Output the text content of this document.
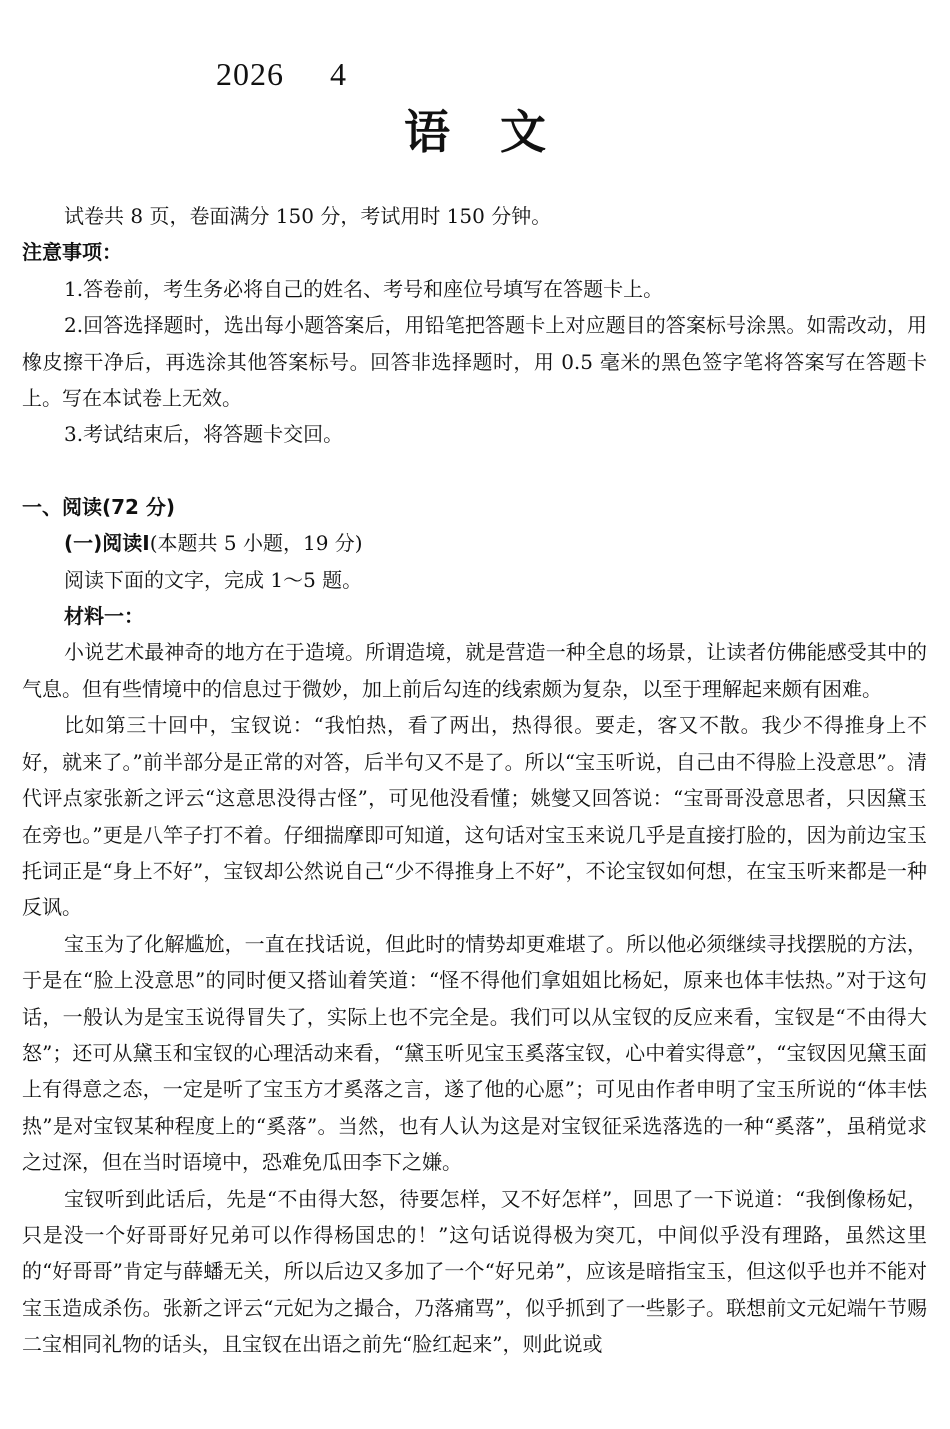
2026 4
语文

试卷共 8 页，卷面满分 150 分，考试用时 150 分钟。

注意事项：

1.答卷前，考生务必将自己的姓名、考号和座位号填写在答题卡上。

2.回答选择题时，选出每小题答案后，用铅笔把答题卡上对应题目的答案标号涂黑。如需改动，用橡皮擦干净后，再选涂其他答案标号。回答非选择题时，用 0.5 毫米的黑色签字笔将答案写在答题卡上。写在本试卷上无效。

3.考试结束后，将答题卡交回。

一、阅读(72 分)

(一)阅读Ⅰ(本题共 5 小题，19 分)

阅读下面的文字，完成 1～5 题。

材料一：

小说艺术最神奇的地方在于造境。所谓造境，就是营造一种全息的场景，让读者仿佛能感受其中的气息。但有些情境中的信息过于微妙，加上前后勾连的线索颇为复杂，以至于理解起来颇有困难。

比如第三十回中，宝钗说：“我怕热，看了两出，热得很。要走，客又不散。我少不得推身上不好，就来了。”前半部分是正常的对答，后半句又不是了。所以“宝玉听说，自己由不得脸上没意思”。清代评点家张新之评云“这意思没得古怪”，可见他没看懂；姚燮又回答说：“宝哥哥没意思者，只因黛玉在旁也。”更是八竿子打不着。仔细揣摩即可知道，这句话对宝玉来说几乎是直接打脸的，因为前边宝玉托词正是“身上不好”，宝钗却公然说自己“少不得推身上不好”，不论宝钗如何想，在宝玉听来都是一种反讽。

宝玉为了化解尴尬，一直在找话说，但此时的情势却更难堪了。所以他必须继续寻找摆脱的方法，于是在“脸上没意思”的同时便又搭讪着笑道：“怪不得他们拿姐姐比杨妃，原来也体丰怯热。”对于这句话，一般认为是宝玉说得冒失了，实际上也不完全是。我们可以从宝钗的反应来看，宝钗是“不由得大怒”；还可从黛玉和宝钗的心理活动来看，“黛玉听见宝玉奚落宝钗，心中着实得意”，“宝钗因见黛玉面上有得意之态，一定是听了宝玉方才奚落之言，遂了他的心愿”；可见由作者申明了宝玉所说的“体丰怯热”是对宝钗某种程度上的“奚落”。当然，也有人认为这是对宝钗征采选落选的一种“奚落”，虽稍觉求之过深，但在当时语境中，恐难免瓜田李下之嫌。

宝钗听到此话后，先是“不由得大怒，待要怎样，又不好怎样”，回思了一下说道：“我倒像杨妃，只是没一个好哥哥好兄弟可以作得杨国忠的！”这句话说得极为突兀，中间似乎没有理路，虽然这里的“好哥哥”肯定与薛蟠无关，所以后边又多加了一个“好兄弟”，应该是暗指宝玉，但这似乎也并不能对宝玉造成杀伤。张新之评云“元妃为之撮合，乃落痛骂”，似乎抓到了一些影子。联想前文元妃端午节赐二宝相同礼物的话头，且宝钗在出语之前先“脸红起来”，则此说或
